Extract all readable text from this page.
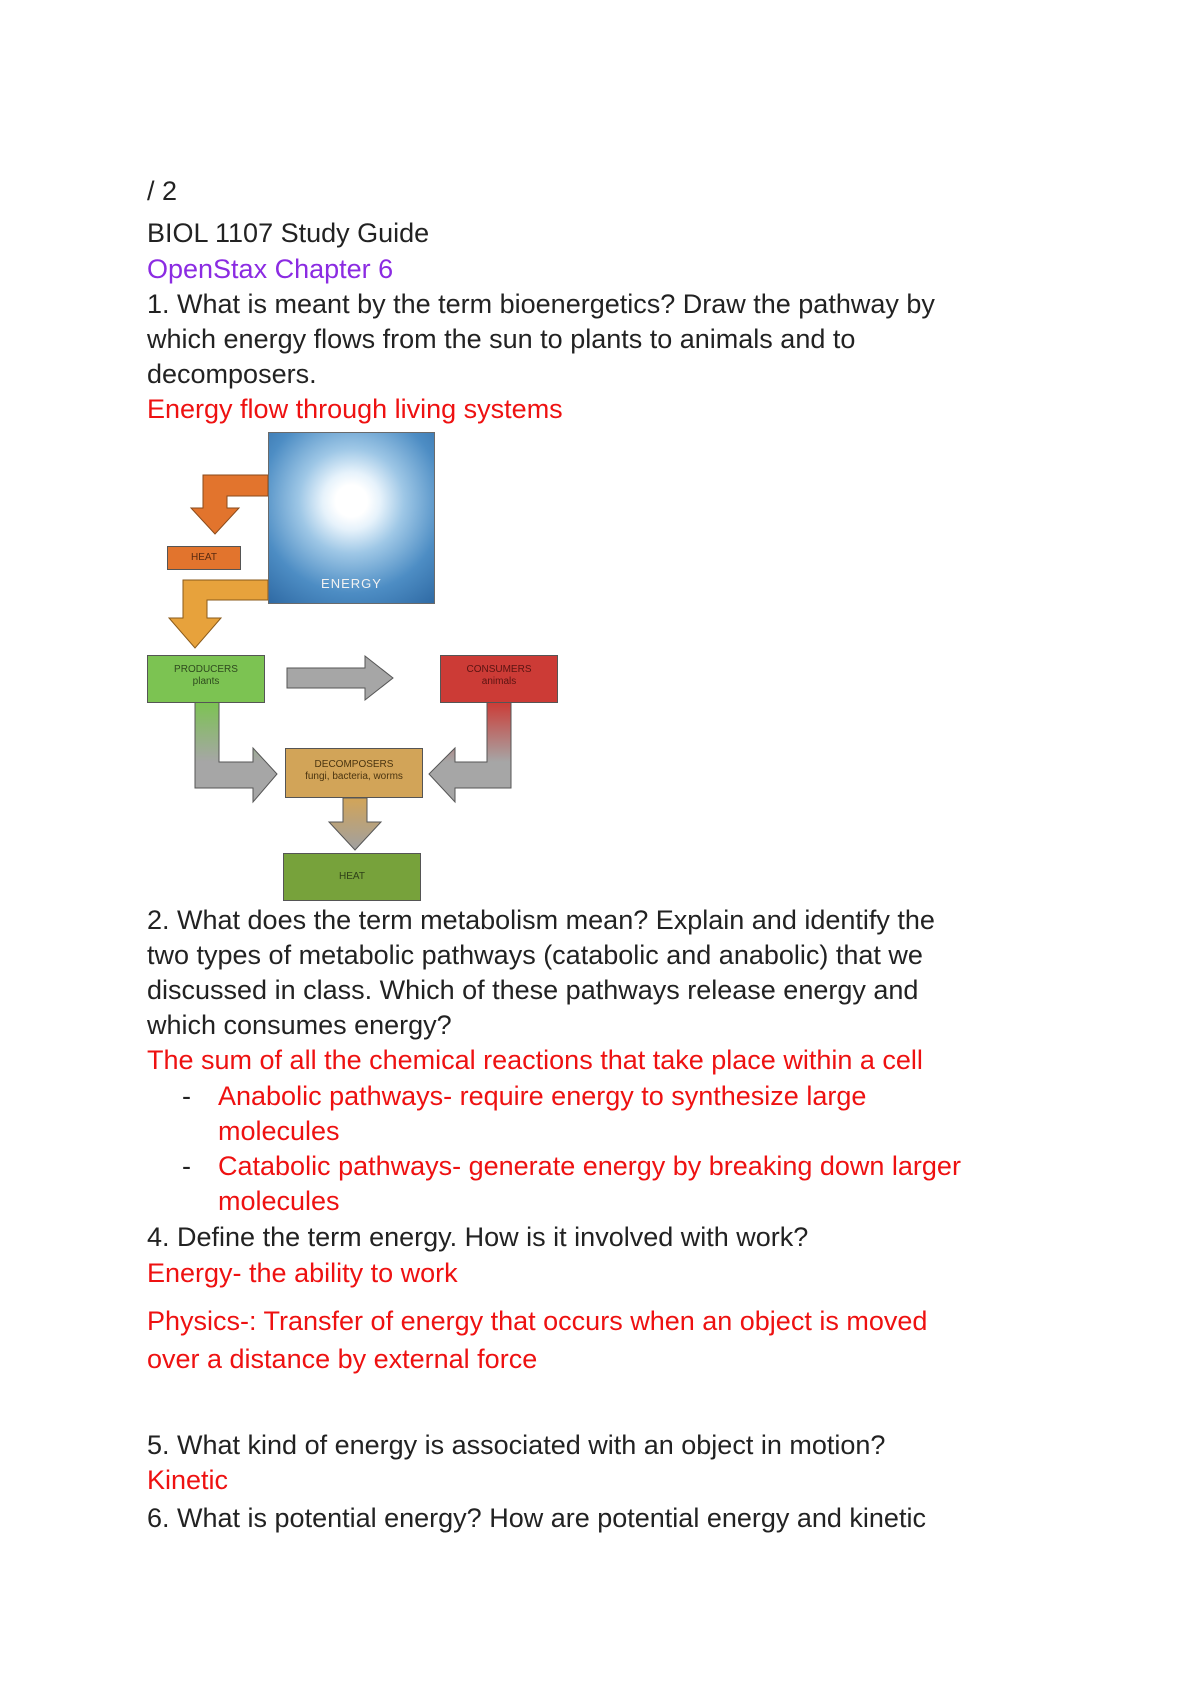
/ 2
BIOL 1107 Study Guide
OpenStax Chapter 6
1. What is meant by the term bioenergetics? Draw the pathway by
which energy flows from the sun to plants to animals and to
decomposers.
Energy flow through living systems
ENERGY
HEAT
PRODUCERS
plants
CONSUMERS
animals
DECOMPOSERS
fungi, bacteria, worms
HEAT
2. What does the term metabolism mean? Explain and identify the
two types of metabolic pathways (catabolic and anabolic) that we
discussed in class. Which of these pathways release energy and
which consumes energy?
The sum of all the chemical reactions that take place within a cell
- Anabolic pathways- require energy to synthesize large
molecules
- Catabolic pathways- generate energy by breaking down larger
molecules
4. Define the term energy. How is it involved with work?
Energy- the ability to work
Physics-: Transfer of energy that occurs when an object is moved
over a distance by external force
5. What kind of energy is associated with an object in motion?
Kinetic
6. What is potential energy? How are potential energy and kinetic
